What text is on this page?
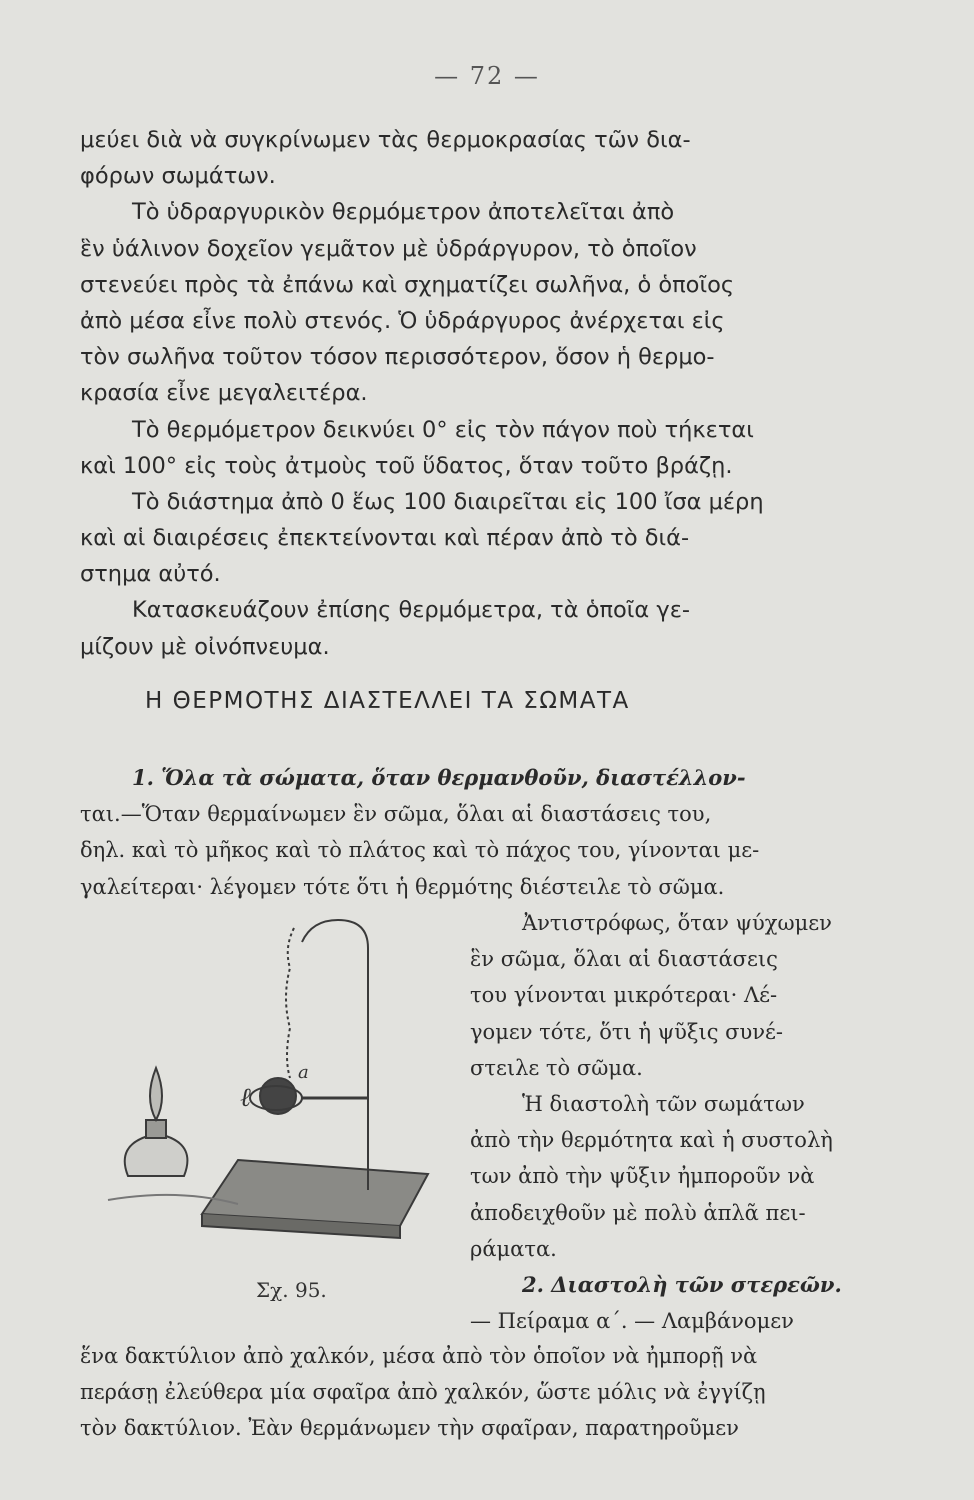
— 72 —
μεύει διὰ νὰ συγκρίνωμεν τὰς θερμοκρασίας τῶν δια-
φόρων σωμάτων.
Τὸ ὑδραργυρικὸν θερμόμετρον ἀποτελεῖται ἀπὸ
ἓν ὑάλινον δοχεῖον γεμᾶτον μὲ ὑδράργυρον, τὸ ὁποῖον
στενεύει πρὸς τὰ ἐπάνω καὶ σχηματίζει σωλῆνα, ὁ ὁποῖος
ἀπὸ μέσα εἶνε πολὺ στενός. Ὁ ὑδράργυρος ἀνέρχεται εἰς
τὸν σωλῆνα τοῦτον τόσον περισσότερον, ὅσον ἡ θερμο-
κρασία εἶνε μεγαλειτέρα.
Τὸ θερμόμετρον δεικνύει 0° εἰς τὸν πάγον ποὺ τήκεται
καὶ 100° εἰς τοὺς ἀτμοὺς τοῦ ὕδατος, ὅταν τοῦτο βράζῃ.
Τὸ διάστημα ἀπὸ 0 ἕως 100 διαιρεῖται εἰς 100 ἴσα μέρη
καὶ αἱ διαιρέσεις ἐπεκτείνονται καὶ πέραν ἀπὸ τὸ διά-
στημα αὐτό.
Κατασκευάζουν ἐπίσης θερμόμετρα, τὰ ὁποῖα γε-
μίζουν μὲ οἰνόπνευμα.
Η ΘΕΡΜΟΤΗΣ ΔΙΑΣΤΕΛΛΕΙ ΤΑ ΣΩΜΑΤΑ
1. Ὅλα τὰ σώματα, ὅταν θερμανθοῦν, διαστέλλον-
ται.—Ὅταν θερμαίνωμεν ἓν σῶμα, ὅλαι αἱ διαστάσεις του,
δηλ. καὶ τὸ μῆκος καὶ τὸ πλάτος καὶ τὸ πάχος του, γίνονται με-
γαλείτεραι· λέγομεν τότε ὅτι ἡ θερμότης διέστειλε τὸ σῶμα.
ℓ
a
Σχ. 95.
Ἀντιστρόφως, ὅταν ψύχωμεν
ἓν σῶμα, ὅλαι αἱ διαστάσεις
του γίνονται μικρότεραι· Λέ-
γομεν τότε, ὅτι ἡ ψῦξις συνέ-
στειλε τὸ σῶμα.
Ἡ διαστολὴ τῶν σωμάτων
ἀπὸ τὴν θερμότητα καὶ ἡ συστολὴ
των ἀπὸ τὴν ψῦξιν ἠμποροῦν νὰ
ἀποδειχθοῦν μὲ πολὺ ἁπλᾶ πει-
ράματα.
2. Διαστολὴ τῶν στερεῶν.
— Πείραμα α΄. — Λαμβάνομεν
ἕνα δακτύλιον ἀπὸ χαλκόν, μέσα ἀπὸ τὸν ὁποῖον νὰ ἠμπορῇ νὰ
περάσῃ ἐλεύθερα μία σφαῖρα ἀπὸ χαλκόν, ὥστε μόλις νὰ ἐγγίζῃ
τὸν δακτύλιον. Ἐὰν θερμάνωμεν τὴν σφαῖραν, παρατηροῦμεν
